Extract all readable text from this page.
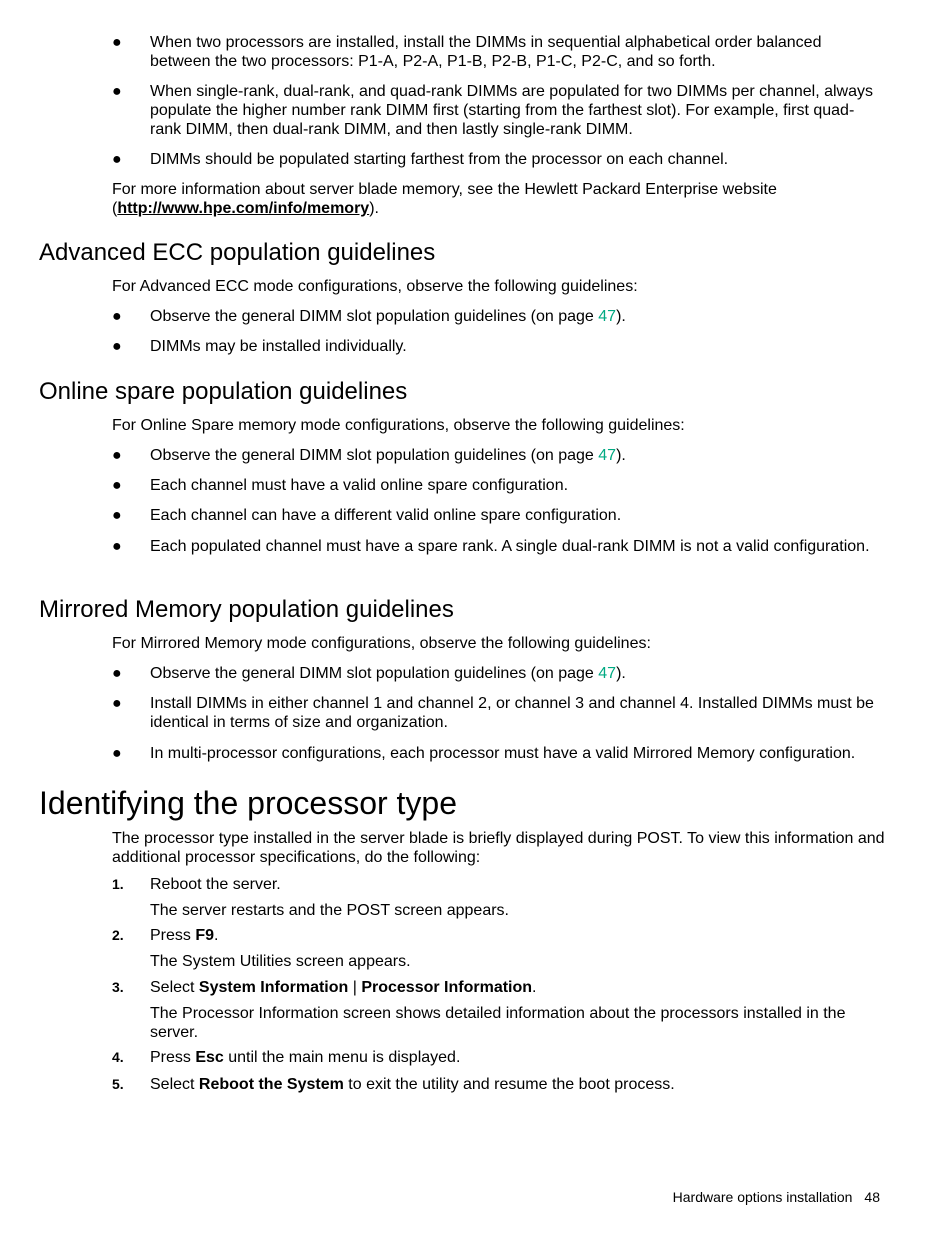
● When two processors are installed, install the DIMMs in sequential alphabetical order balanced between the two processors: P1-A, P2-A, P1-B, P2-B, P1-C, P2-C, and so forth.
● When single-rank, dual-rank, and quad-rank DIMMs are populated for two DIMMs per channel, always populate the higher number rank DIMM first (starting from the farthest slot). For example, first quad-rank DIMM, then dual-rank DIMM, and then lastly single-rank DIMM.
● DIMMs should be populated starting farthest from the processor on each channel.
For more information about server blade memory, see the Hewlett Packard Enterprise website
(http://www.hpe.com/info/memory).
Advanced ECC population guidelines
For Advanced ECC mode configurations, observe the following guidelines:
● Observe the general DIMM slot population guidelines (on page 47).
● DIMMs may be installed individually.
Online spare population guidelines
For Online Spare memory mode configurations, observe the following guidelines:
● Observe the general DIMM slot population guidelines (on page 47).
● Each channel must have a valid online spare configuration.
● Each channel can have a different valid online spare configuration.
● Each populated channel must have a spare rank. A single dual-rank DIMM is not a valid configuration.
Mirrored Memory population guidelines
For Mirrored Memory mode configurations, observe the following guidelines:
● Observe the general DIMM slot population guidelines (on page 47).
● Install DIMMs in either channel 1 and channel 2, or channel 3 and channel 4. Installed DIMMs must be identical in terms of size and organization.
● In multi-processor configurations, each processor must have a valid Mirrored Memory configuration.
Identifying the processor type
The processor type installed in the server blade is briefly displayed during POST. To view this information and additional processor specifications, do the following:
1. Reboot the server.
The server restarts and the POST screen appears.
2. Press F9.
The System Utilities screen appears.
3. Select System Information | Processor Information.
The Processor Information screen shows detailed information about the processors installed in the server.
4. Press Esc until the main menu is displayed.
5. Select Reboot the System to exit the utility and resume the boot process.
Hardware options installation 48
